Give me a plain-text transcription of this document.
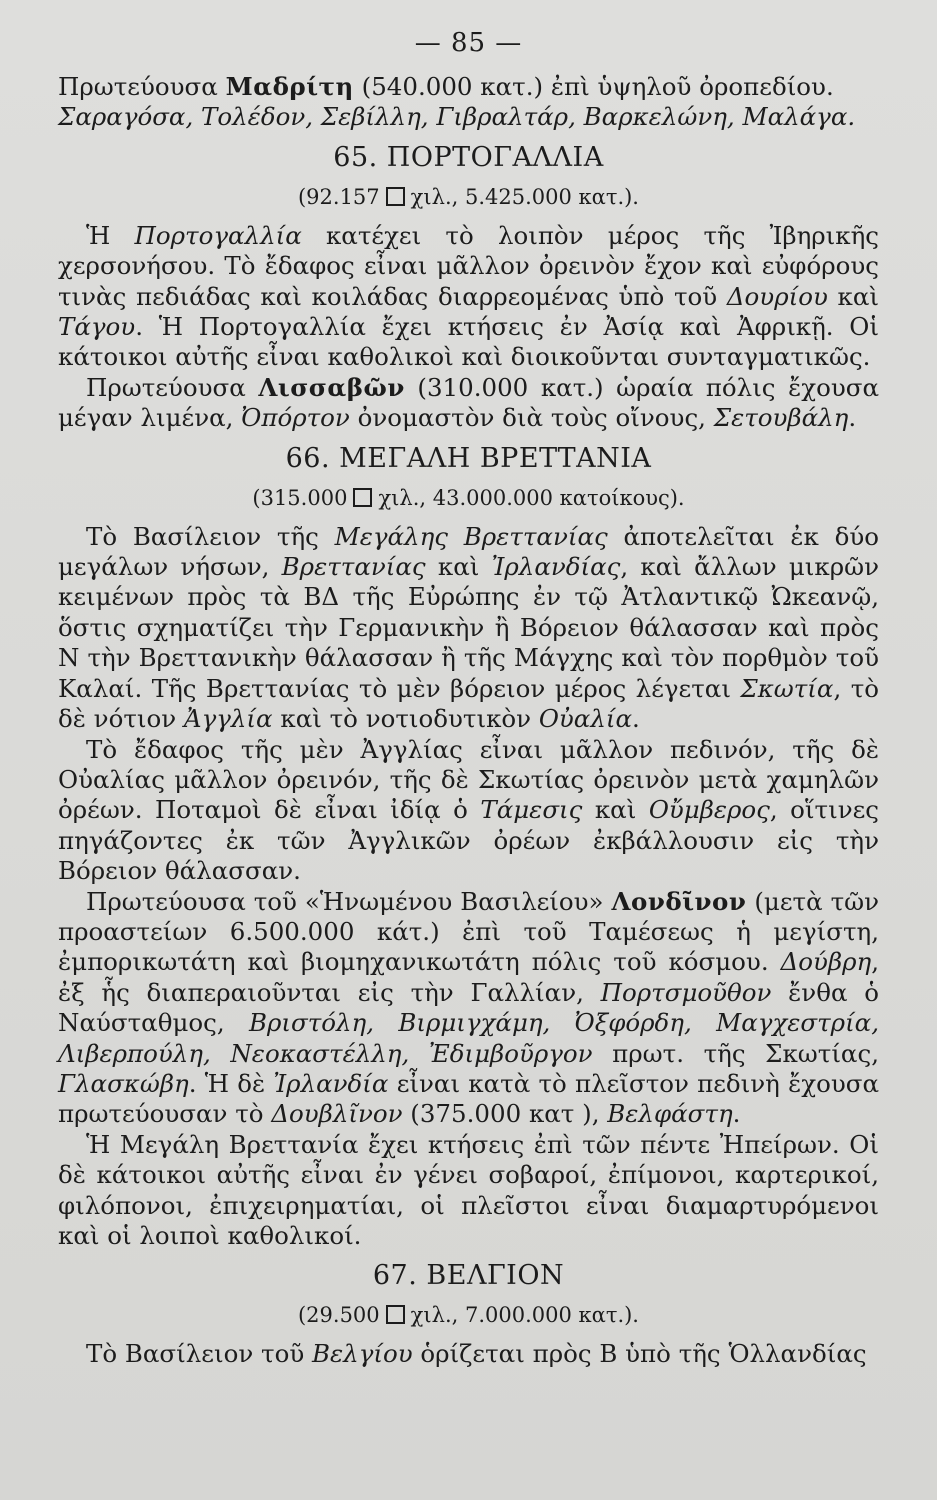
— 85 —

Πρωτεύουσα Μαδρίτη (540.000 κατ.) ἐπὶ ὑψηλοῦ ὀροπεδίου.

Σαραγόσα, Τολέδον, Σεβίλλη, Γιβραλτάρ, Βαρκελώνη, Μαλάγα.

65. ΠΟΡΤΟΓΑΛΛΙΑ
(92.157 χιλ., 5.425.000 κατ.).

Ἡ Πορτογαλλία κατέχει τὸ λοιπὸν μέρος τῆς Ἰβηρικῆς χερσονήσου. Τὸ ἔδαφος εἶναι μᾶλλον ὀρεινὸν ἔχον καὶ εὐφόρους τινὰς πεδιάδας καὶ κοιλάδας διαρρεομένας ὑπὸ τοῦ Δουρίου καὶ Τάγου. Ἡ Πορτογαλλία ἔχει κτήσεις ἐν Ἀσίᾳ καὶ Ἀφρικῇ. Οἱ κάτοικοι αὐτῆς εἶναι καθολικοὶ καὶ διοικοῦνται συνταγματικῶς.

Πρωτεύουσα Λισσαβῶν (310.000 κατ.) ὡραία πόλις ἔχουσα μέγαν λιμένα, Ὀπόρτον ὀνομαστὸν διὰ τοὺς οἴνους, Σετουβάλη.

66. ΜΕΓΑΛΗ ΒΡΕΤΤΑΝΙΑ
(315.000 χιλ., 43.000.000 κατοίκους).

Τὸ Βασίλειον τῆς Μεγάλης Βρεττανίας ἀποτελεῖται ἐκ δύο μεγάλων νήσων, Βρεττανίας καὶ Ἰρλανδίας, καὶ ἄλλων μικρῶν κειμένων πρὸς τὰ ΒΔ τῆς Εὐρώπης ἐν τῷ Ἀτλαντικῷ Ὠκεανῷ, ὅστις σχηματίζει τὴν Γερμανικὴν ἢ Βόρειον θάλασσαν καὶ πρὸς Ν τὴν Βρεττανικὴν θάλασσαν ἢ τῆς Μάγχης καὶ τὸν πορθμὸν τοῦ Καλαί. Τῆς Βρεττανίας τὸ μὲν βόρειον μέρος λέγεται Σκωτία, τὸ δὲ νότιον Ἀγγλία καὶ τὸ νοτιοδυτικὸν Οὐαλία.

Τὸ ἔδαφος τῆς μὲν Ἀγγλίας εἶναι μᾶλλον πεδινόν, τῆς δὲ Οὐαλίας μᾶλλον ὀρεινόν, τῆς δὲ Σκωτίας ὀρεινὸν μετὰ χαμηλῶν ὀρέων. Ποταμοὶ δὲ εἶναι ἰδίᾳ ὁ Τάμεσις καὶ Οὔμβερος, οἵτινες πηγάζοντες ἐκ τῶν Ἀγγλικῶν ὀρέων ἐκβάλλουσιν εἰς τὴν Βόρειον θάλασσαν.

Πρωτεύουσα τοῦ «Ἡνωμένου Βασιλείου» Λονδῖνον (μετὰ τῶν προαστείων 6.500.000 κάτ.) ἐπὶ τοῦ Ταμέσεως ἡ μεγίστη, ἐμπορικωτάτη καὶ βιομηχανικωτάτη πόλις τοῦ κόσμου. Δούβρη, ἐξ ἧς διαπεραιοῦνται εἰς τὴν Γαλλίαν, Πορτσμοῦθον ἔνθα ὁ Ναύσταθμος, Βριστόλη, Βιρμιγχάμη, Ὀξφόρδη, Μαγχεστρία, Λιβερπούλη, Νεοκαστέλλη, Ἐδιμβοῦργον πρωτ. τῆς Σκωτίας, Γλασκώβη. Ἡ δὲ Ἰρλανδία εἶναι κατὰ τὸ πλεῖστον πεδινὴ ἔχουσα πρωτεύουσαν τὸ Δουβλῖνον (375.000 κατ ), Βελφάστη.

Ἡ Μεγάλη Βρεττανία ἔχει κτήσεις ἐπὶ τῶν πέντε Ἠπείρων. Οἱ δὲ κάτοικοι αὐτῆς εἶναι ἐν γένει σοβαροί, ἐπίμονοι, καρτερικοί, φιλόπονοι, ἐπιχειρηματίαι, οἱ πλεῖστοι εἶναι διαμαρτυρόμενοι καὶ οἱ λοιποὶ καθολικοί.

67. ΒΕΛΓΙΟΝ
(29.500 χιλ., 7.000.000 κατ.).

Τὸ Βασίλειον τοῦ Βελγίου ὁρίζεται πρὸς Β ὑπὸ τῆς Ὁλλανδίας
